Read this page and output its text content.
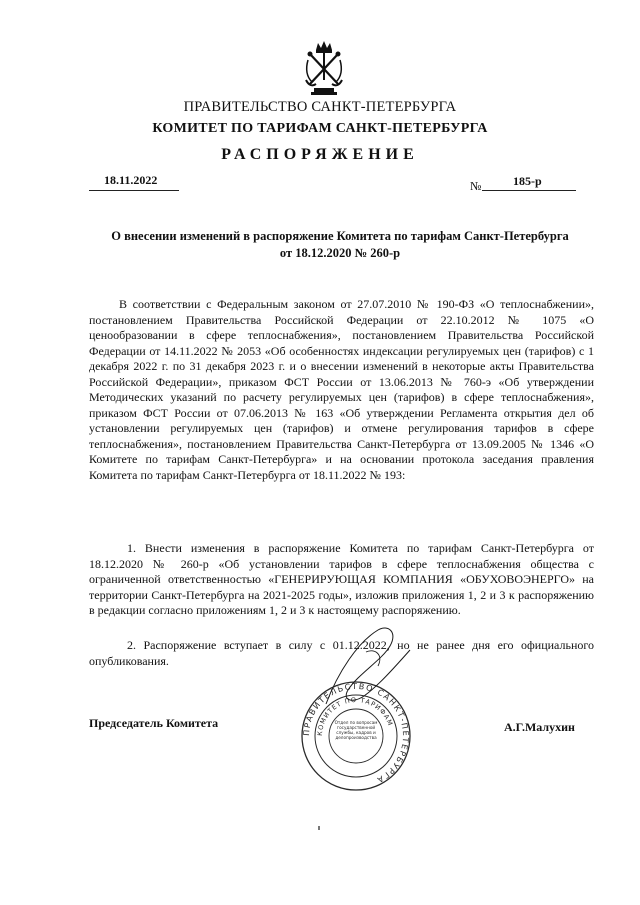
ПРАВИТЕЛЬСТВО САНКТ-ПЕТЕРБУРГА
КОМИТЕТ ПО ТАРИФАМ САНКТ-ПЕТЕРБУРГА
РАСПОРЯЖЕНИЕ
18.11.2022	№	185-р
О внесении изменений в распоряжение Комитета по тарифам Санкт-Петербурга
от 18.12.2020 № 260-р
В соответствии с Федеральным законом от 27.07.2010 № 190-ФЗ «О теплоснабжении», постановлением Правительства Российской Федерации от 22.10.2012 № 1075 «О ценообразовании в сфере теплоснабжения», постановлением Правительства Российской Федерации от 14.11.2022 № 2053 «Об особенностях индексации регулируемых цен (тарифов) с 1 декабря 2022 г. по 31 декабря 2023 г. и о внесении изменений в некоторые акты Правительства Российской Федерации», приказом ФСТ России от 13.06.2013 № 760-э «Об утверждении Методических указаний по расчету регулируемых цен (тарифов) в сфере теплоснабжения», приказом ФСТ России от 07.06.2013 № 163 «Об утверждении Регламента открытия дел об установлении регулируемых цен (тарифов) и отмене регулирования тарифов в сфере теплоснабжения», постановлением Правительства Санкт-Петербурга от 13.09.2005 № 1346 «О Комитете по тарифам Санкт-Петербурга» и на основании протокола заседания правления Комитета по тарифам Санкт-Петербурга от 18.11.2022 № 193:
1. Внести изменения в распоряжение Комитета по тарифам Санкт-Петербурга от 18.12.2020 № 260-р «Об установлении тарифов в сфере теплоснабжения общества с ограниченной ответственностью «ГЕНЕРИРУЮЩАЯ КОМПАНИЯ «ОБУХОВОЭНЕРГО» на территории Санкт-Петербурга на 2021-2025 годы», изложив приложения 1, 2 и 3 к распоряжению в редакции согласно приложениям 1, 2 и 3 к настоящему распоряжению.
2. Распоряжение вступает в силу с 01.12.2022, но не ранее дня его официального опубликования.
Председатель Комитета	А.Г.Малухин
ПРАВИТЕЛЬСТВО САНКТ-ПЕТЕРБУРГА
КОМИТЕТ ПО ТАРИФАМ
Отдел по вопросам государственной службы, кадров и делопроизводства
